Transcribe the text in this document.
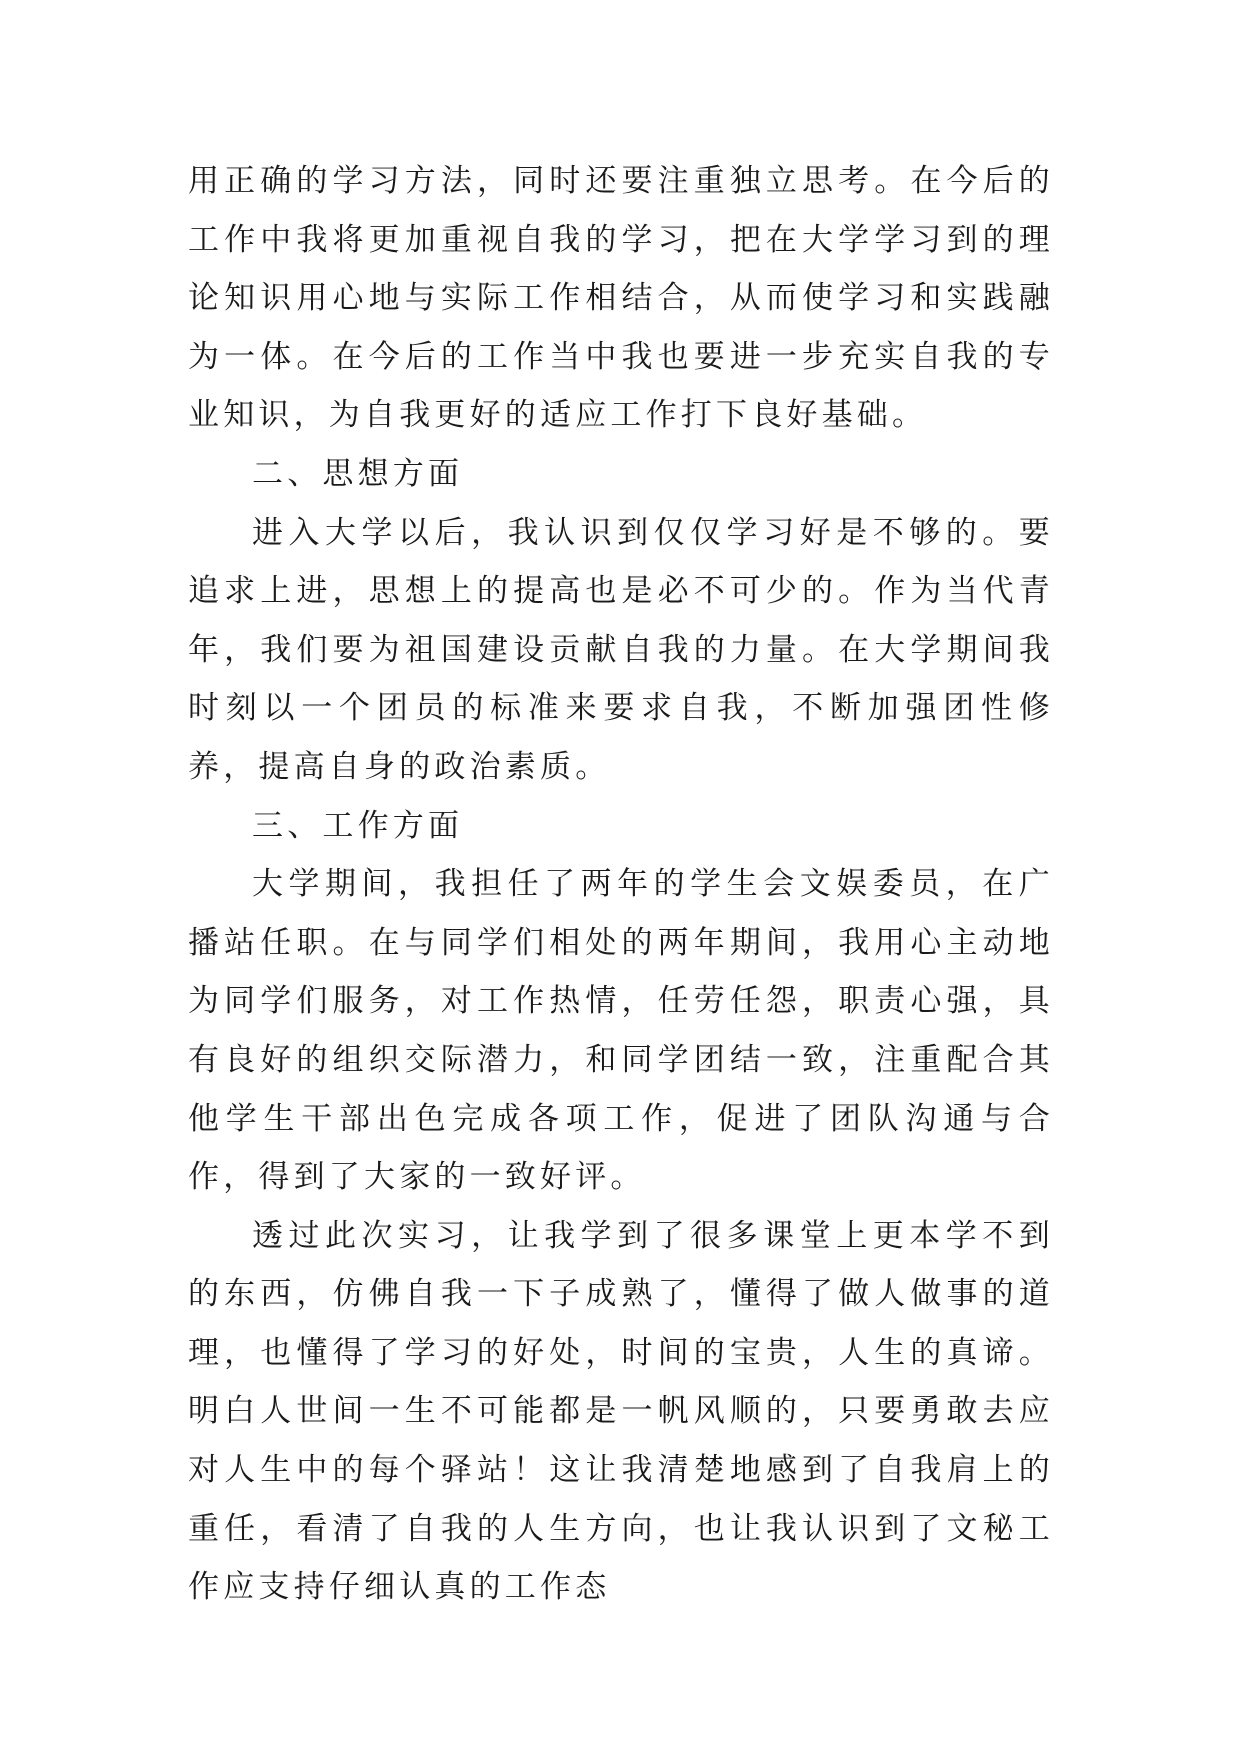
用正确的学习方法，同时还要注重独立思考。在今后的工作中我将更加重视自我的学习，把在大学学习到的理论知识用心地与实际工作相结合，从而使学习和实践融为一体。在今后的工作当中我也要进一步充实自我的专业知识，为自我更好的适应工作打下良好基础。

二、思想方面

进入大学以后，我认识到仅仅学习好是不够的。要追求上进，思想上的提高也是必不可少的。作为当代青年，我们要为祖国建设贡献自我的力量。在大学期间我时刻以一个团员的标准来要求自我，不断加强团性修养，提高自身的政治素质。

三、工作方面

大学期间，我担任了两年的学生会文娱委员，在广播站任职。在与同学们相处的两年期间，我用心主动地为同学们服务，对工作热情，任劳任怨，职责心强，具有良好的组织交际潜力，和同学团结一致，注重配合其他学生干部出色完成各项工作，促进了团队沟通与合作，得到了大家的一致好评。

透过此次实习，让我学到了很多课堂上更本学不到的东西，仿佛自我一下子成熟了，懂得了做人做事的道理，也懂得了学习的好处，时间的宝贵，人生的真谛。明白人世间一生不可能都是一帆风顺的，只要勇敢去应对人生中的每个驿站！这让我清楚地感到了自我肩上的重任，看清了自我的人生方向，也让我认识到了文秘工作应支持仔细认真的工作态
